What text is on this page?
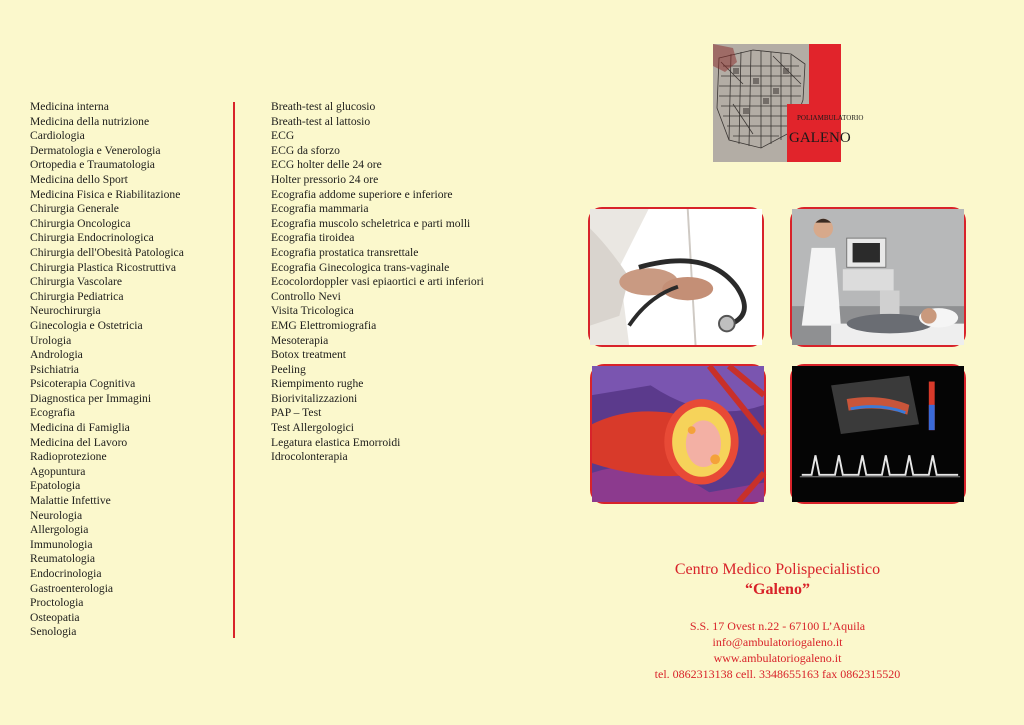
Medicina interna
Medicina della nutrizione
Cardiologia
Dermatologia e Venerologia
Ortopedia e Traumatologia
Medicina dello Sport
Medicina Fisica e Riabilitazione
Chirurgia Generale
Chirurgia Oncologica
Chirurgia Endocrinologica
Chirurgia dell'Obesità Patologica
Chirurgia Plastica Ricostruttiva
Chirurgia Vascolare
Chirurgia Pediatrica
Neurochirurgia
Ginecologia e Ostetricia
Urologia
Andrologia
Psichiatria
Psicoterapia Cognitiva
Diagnostica per Immagini
Ecografia
Medicina di Famiglia
Medicina del Lavoro
Radioprotezione
Agopuntura
Epatologia
Malattie Infettive
Neurologia
Allergologia
Immunologia
Reumatologia
Endocrinologia
Gastroenterologia
Proctologia
Osteopatia
Senologia
Breath-test al glucosio
Breath-test al lattosio
ECG
ECG da sforzo
ECG holter delle 24 ore
Holter pressorio 24 ore
Ecografia addome superiore e inferiore
Ecografia mammaria
Ecografia muscolo scheletrica e parti molli
Ecografia tiroidea
Ecografia prostatica transrettale
Ecografia Ginecologica trans-vaginale
Ecocolordoppler vasi epiaortici e arti inferiori
Controllo Nevi
Visita Tricologica
EMG Elettromiografia
Mesoterapia
Botox treatment
Peeling
Riempimento rughe
Biorivitalizzazioni
PAP – Test
Test Allergologici
Legatura elastica Emorroidi
Idrocolonterapia
POLIAMBULATORIO
GALENO
Centro Medico Polispecialistico
“Galeno”
S.S. 17 Ovest n.22 - 67100 L’Aquila
info@ambulatoriogaleno.it
www.ambulatoriogaleno.it
tel. 0862313138 cell. 3348655163 fax 0862315520
